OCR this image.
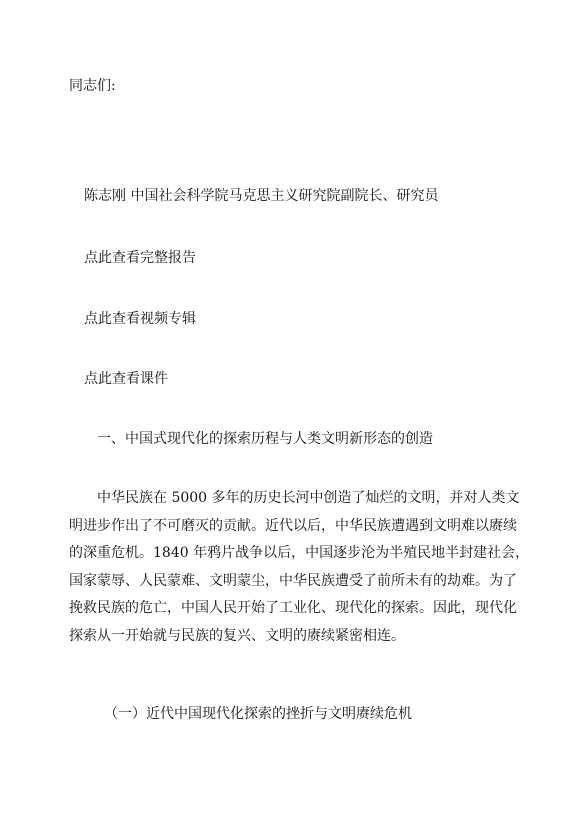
同志们:
陈志刚 中国社会科学院马克思主义研究院副院长、研究员
点此查看完整报告
点此查看视频专辑
点此查看课件
一、中国式现代化的探索历程与人类文明新形态的创造
中华民族在 5000 多年的历史长河中创造了灿烂的文明，并对人类文
明进步作出了不可磨灭的贡献。近代以后，中华民族遭遇到文明难以赓续
的深重危机。1840 年鸦片战争以后，中国逐步沦为半殖民地半封建社会，
国家蒙辱、人民蒙难、文明蒙尘，中华民族遭受了前所未有的劫难。为了
挽救民族的危亡，中国人民开始了工业化、现代化的探索。因此，现代化
探索从一开始就与民族的复兴、文明的赓续紧密相连。
（一）近代中国现代化探索的挫折与文明赓续危机
